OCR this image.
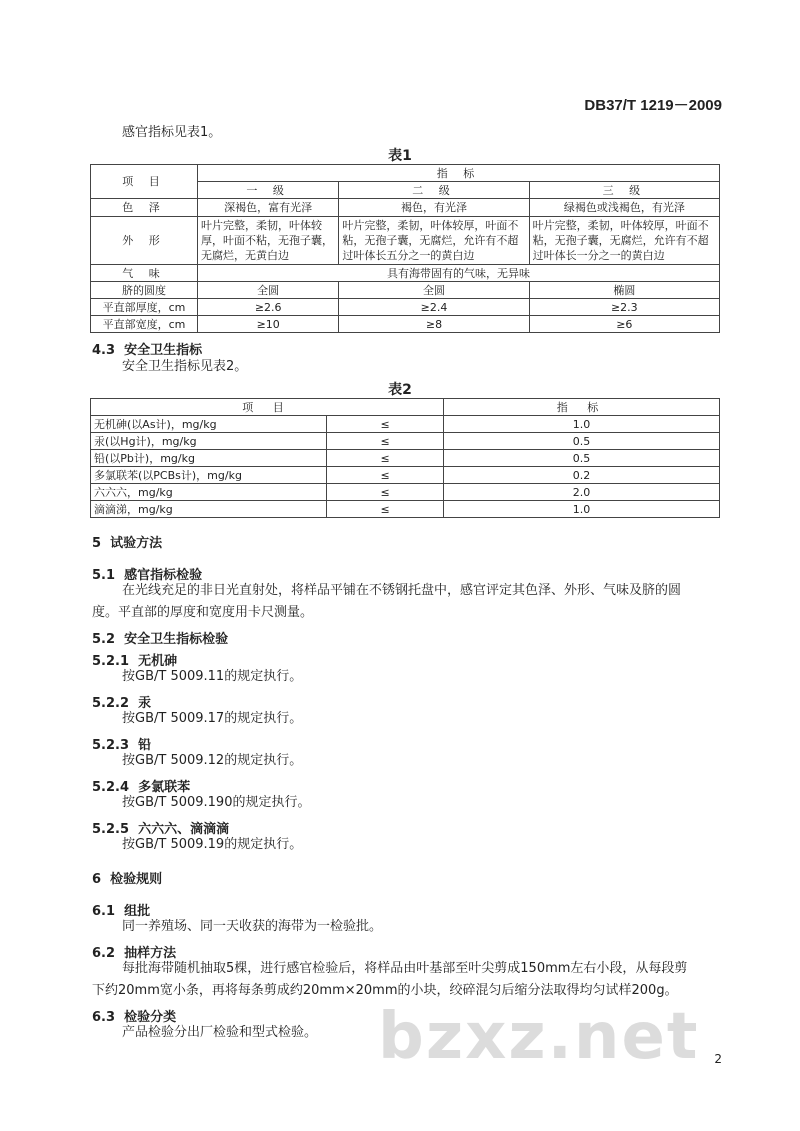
DB37/T 1219－2009
感官指标见表1。
表1
项 目	指 标		
	一 级	二 级	三 级
色 泽	深褐色，富有光泽	褐色，有光泽	绿褐色或浅褐色，有光泽
外 形	叶片完整，柔韧，叶体较厚，叶面不粘，无孢子囊，无腐烂，无黄白边	叶片完整，柔韧，叶体较厚，叶面不粘，无孢子囊，无腐烂，允许有不超过叶体长五分之一的黄白边	叶片完整，柔韧，叶体较厚，叶面不粘，无孢子囊，无腐烂，允许有不超过叶体长一分之一的黄白边
气 味	具有海带固有的气味，无异味		
脐的圆度	全圆	全圆	椭圆
平直部厚度，cm	≥2.6	≥2.4	≥2.3
平直部宽度，cm	≥10	≥8	≥6
4.3 安全卫生指标
安全卫生指标见表2。
表2
项 目		指 标
无机砷(以As计)，mg/kg	≤	1.0
汞(以Hg计)，mg/kg	≤	0.5
铅(以Pb计)，mg/kg	≤	0.5
多氯联苯(以PCBs计)，mg/kg	≤	0.2
六六六，mg/kg	≤	2.0
滴滴涕，mg/kg	≤	1.0
5 试验方法
5.1 感官指标检验
在光线充足的非日光直射处，将样品平铺在不锈钢托盘中，感官评定其色泽、外形、气味及脐的圆
度。平直部的厚度和宽度用卡尺测量。
5.2 安全卫生指标检验
5.2.1 无机砷
按GB/T 5009.11的规定执行。
5.2.2 汞
按GB/T 5009.17的规定执行。
5.2.3 铅
按GB/T 5009.12的规定执行。
5.2.4 多氯联苯
按GB/T 5009.190的规定执行。
5.2.5 六六六、滴滴滴
按GB/T 5009.19的规定执行。
6 检验规则
6.1 组批
同一养殖场、同一天收获的海带为一检验批。
6.2 抽样方法
每批海带随机抽取5棵，进行感官检验后，将样品由叶基部至叶尖剪成150mm左右小段，从每段剪
下约20mm宽小条，再将每条剪成约20mm×20mm的小块，绞碎混匀后缩分法取得均匀试样200g。
6.3 检验分类
产品检验分出厂检验和型式检验。 bzxz.net 2
